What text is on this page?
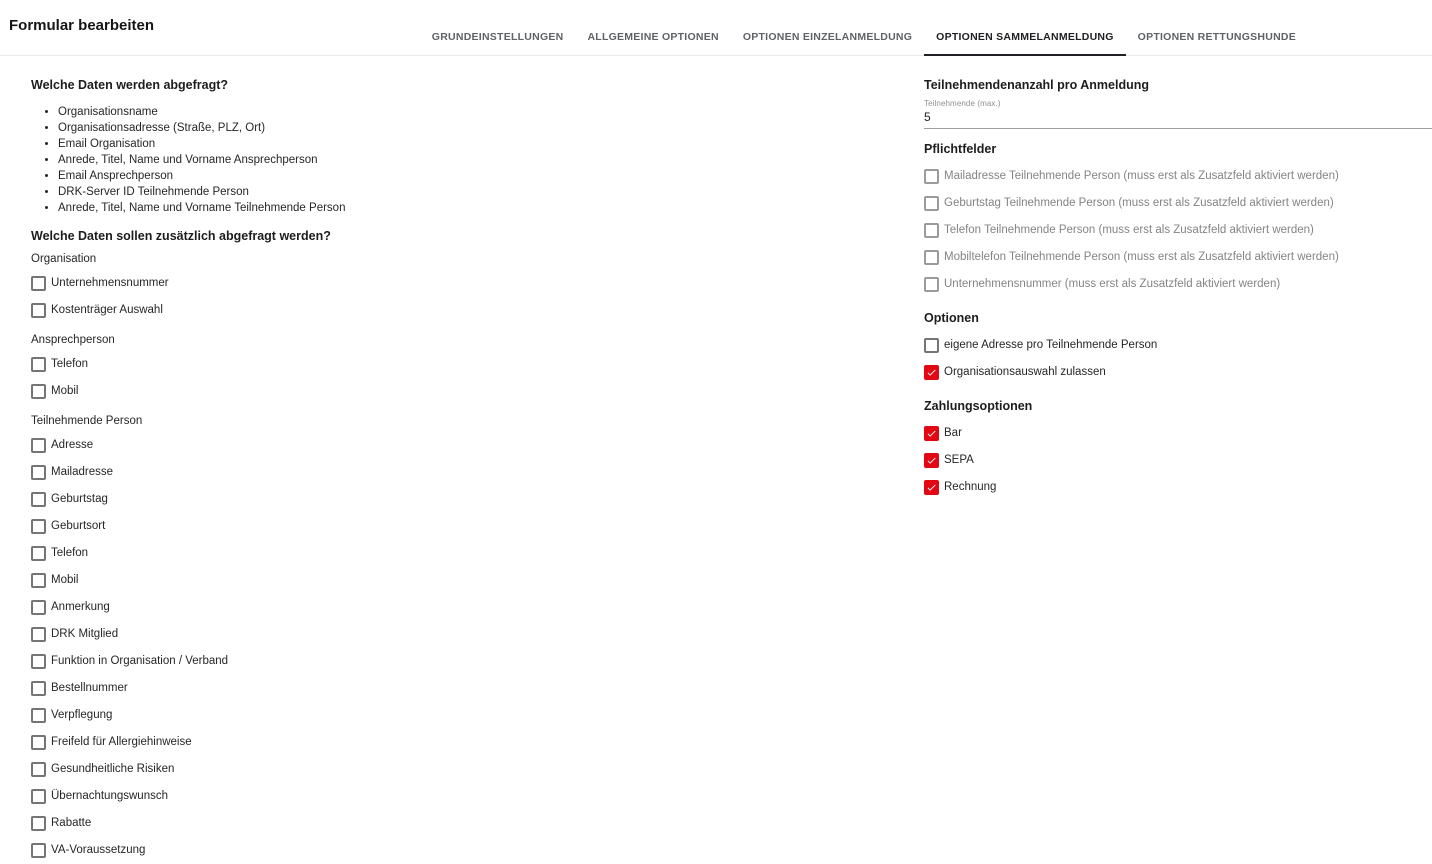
Formular bearbeiten
GRUNDEINSTELLUNGEN	ALLGEMEINE OPTIONEN	OPTIONEN EINZELANMELDUNG	OPTIONEN SAMMELANMELDUNG	OPTIONEN RETTUNGSHUNDE
Welche Daten werden abgefragt?
• Organisationsname
• Organisationsadresse (Straße, PLZ, Ort)
• Email Organisation
• Anrede, Titel, Name und Vorname Ansprechperson
• Email Ansprechperson
• DRK-Server ID Teilnehmende Person
• Anrede, Titel, Name und Vorname Teilnehmende Person
Welche Daten sollen zusätzlich abgefragt werden?
Organisation
Unternehmensnummer
Kostenträger Auswahl
Ansprechperson
Telefon
Mobil
Teilnehmende Person
Adresse
Mailadresse
Geburtstag
Geburtsort
Telefon
Mobil
Anmerkung
DRK Mitglied
Funktion in Organisation / Verband
Bestellnummer
Verpflegung
Freifeld für Allergiehinweise
Gesundheitliche Risiken
Übernachtungswunsch
Rabatte
VA-Voraussetzung
Teilnehmendenanzahl pro Anmeldung
Teilnehmende (max.)
5
Pflichtfelder
Mailadresse Teilnehmende Person (muss erst als Zusatzfeld aktiviert werden)
Geburtstag Teilnehmende Person (muss erst als Zusatzfeld aktiviert werden)
Telefon Teilnehmende Person (muss erst als Zusatzfeld aktiviert werden)
Mobiltelefon Teilnehmende Person (muss erst als Zusatzfeld aktiviert werden)
Unternehmensnummer (muss erst als Zusatzfeld aktiviert werden)
Optionen
eigene Adresse pro Teilnehmende Person
Organisationsauswahl zulassen
Zahlungsoptionen
Bar
SEPA
Rechnung
